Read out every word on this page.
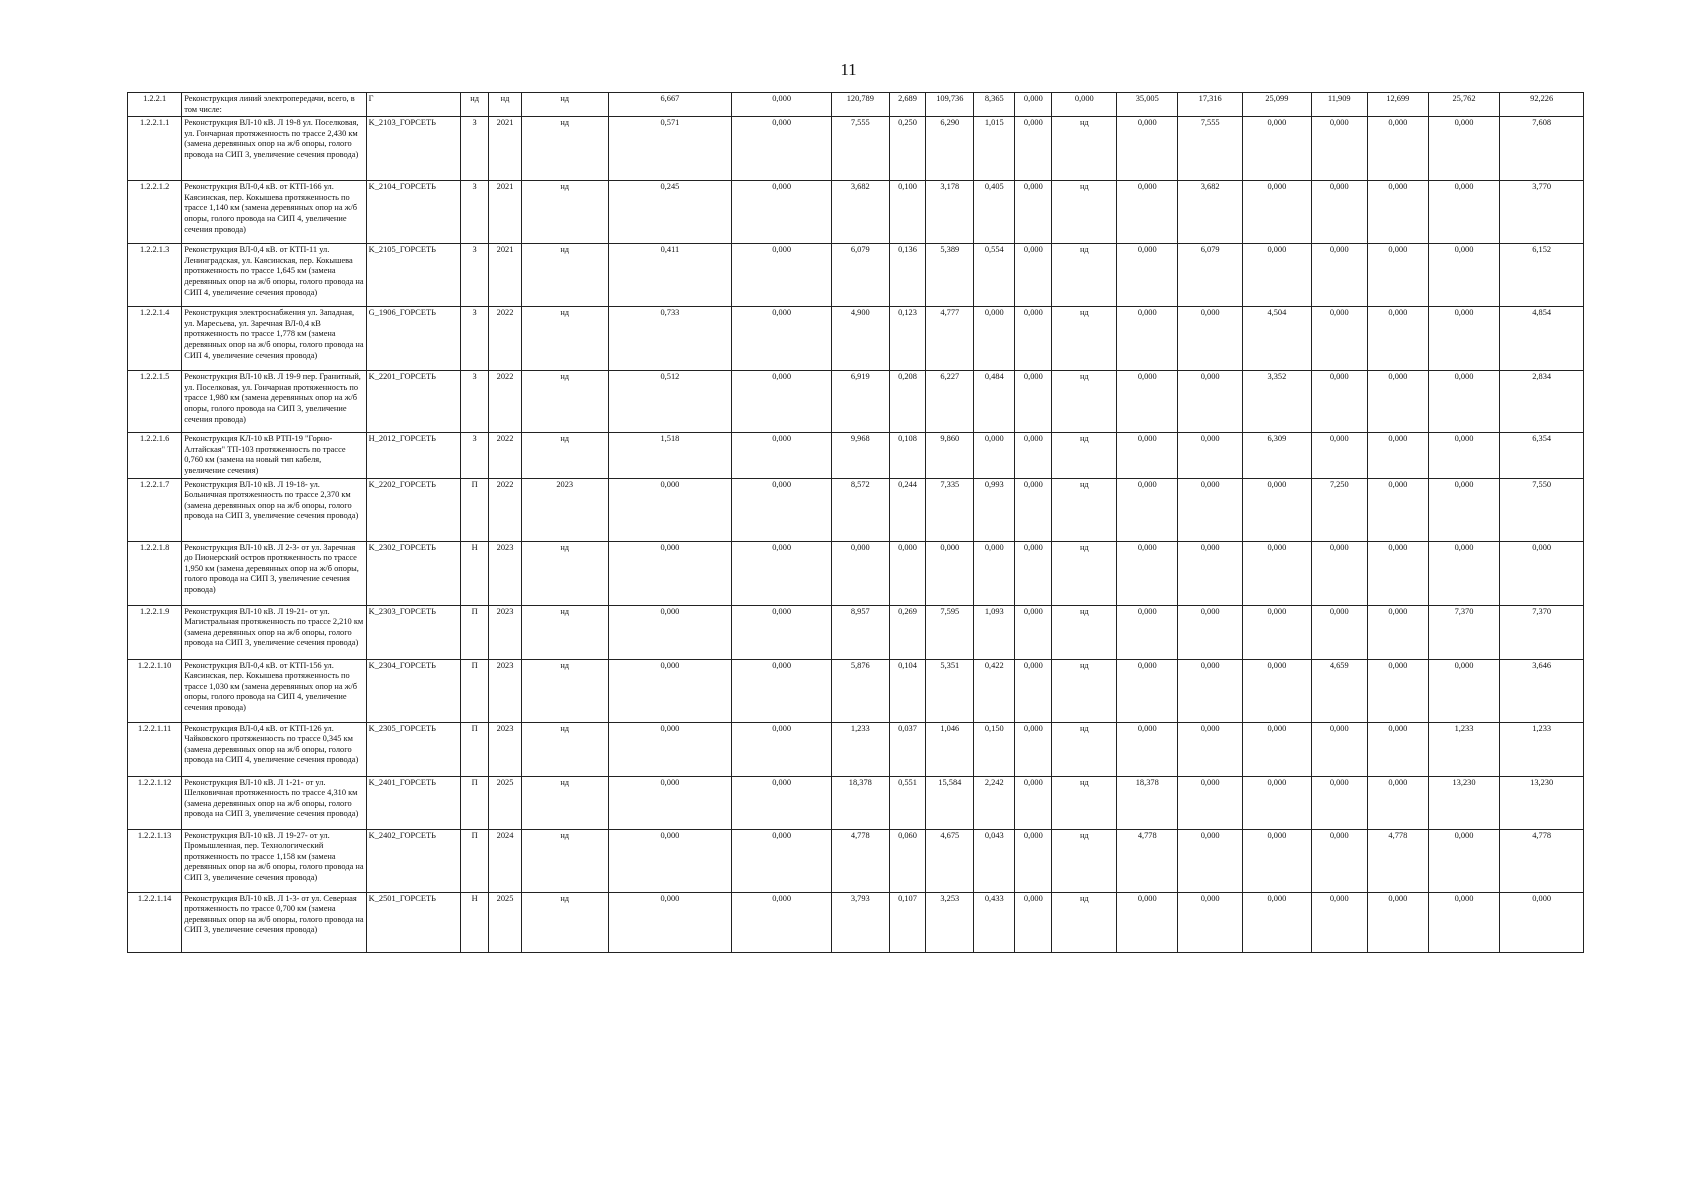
11
1.2.2.1	Реконструкция линий электропередачи, всего, в том числе:	Г	нд	нд	нд	6,667	0,000	120,789	2,689	109,736	8,365	0,000	0,000	35,005	17,316	25,099	11,909	12,699	25,762	92,226
1.2.2.1.1	Реконструкция ВЛ-10 кВ. Л 19-8 ул. Поселковая, ул. Гончарная протяженность по трассе 2,430 км (замена деревянных опор на ж/б опоры, голого провода на СИП 3, увеличение сечения провода)	K_2103_ГОРСЕТЬ	З	2021	нд	0,571	0,000	7,555	0,250	6,290	1,015	0,000	нд	0,000	7,555	0,000	0,000	0,000	0,000	7,608
1.2.2.1.2	Реконструкция ВЛ-0,4 кВ. от КТП-166 ул. Каясинская, пер. Кокышева протяженность по трассе 1,140 км (замена деревянных опор на ж/б опоры, голого провода на СИП 4, увеличение сечения провода)	K_2104_ГОРСЕТЬ	З	2021	нд	0,245	0,000	3,682	0,100	3,178	0,405	0,000	нд	0,000	3,682	0,000	0,000	0,000	0,000	3,770
1.2.2.1.3	Реконструкция ВЛ-0,4 кВ. от КТП-11 ул. Ленинградская, ул. Каясинская, пер. Кокышева протяженность по трассе 1,645 км (замена деревянных опор на ж/б опоры, голого провода на СИП 4, увеличение сечения провода)	K_2105_ГОРСЕТЬ	З	2021	нд	0,411	0,000	6,079	0,136	5,389	0,554	0,000	нд	0,000	6,079	0,000	0,000	0,000	0,000	6,152
1.2.2.1.4	Реконструкция электроснабжения ул. Западная, ул. Маресьева, ул. Заречная ВЛ-0,4 кВ протяженность по трассе 1,778 км (замена деревянных опор на ж/б опоры, голого провода на СИП 4, увеличение сечения провода)	G_1906_ГОРСЕТЬ	З	2022	нд	0,733	0,000	4,900	0,123	4,777	0,000	0,000	нд	0,000	0,000	4,504	0,000	0,000	0,000	4,854
1.2.2.1.5	Реконструкция ВЛ-10 кВ. Л 19-9 пер. Гранитный, ул. Поселковая, ул. Гончарная протяженность по трассе 1,980 км (замена деревянных опор на ж/б опоры, голого провода на СИП 3, увеличение сечения провода)	K_2201_ГОРСЕТЬ	З	2022	нд	0,512	0,000	6,919	0,208	6,227	0,484	0,000	нд	0,000	0,000	3,352	0,000	0,000	0,000	2,834
1.2.2.1.6	Реконструкция КЛ-10 кВ РТП-19 "Горно-Алтайская" ТП-103 протяженность по трассе 0,760 км (замена на новый тип кабеля, увеличение сечения)	H_2012_ГОРСЕТЬ	З	2022	нд	1,518	0,000	9,968	0,108	9,860	0,000	0,000	нд	0,000	0,000	6,309	0,000	0,000	0,000	6,354
1.2.2.1.7	Реконструкция ВЛ-10 кВ. Л 19-18- ул. Больничная протяженность по трассе 2,370 км (замена деревянных опор на ж/б опоры, голого провода на СИП 3, увеличение сечения провода)	K_2202_ГОРСЕТЬ	П	2022	2023	0,000	0,000	8,572	0,244	7,335	0,993	0,000	нд	0,000	0,000	0,000	7,250	0,000	0,000	7,550
1.2.2.1.8	Реконструкция ВЛ-10 кВ. Л 2-3- от ул. Заречная до Пионерский остров протяженность по трассе 1,950 км (замена деревянных опор на ж/б опоры, голого провода на СИП 3, увеличение сечения провода)	K_2302_ГОРСЕТЬ	Н	2023	нд	0,000	0,000	0,000	0,000	0,000	0,000	0,000	нд	0,000	0,000	0,000	0,000	0,000	0,000	0,000
1.2.2.1.9	Реконструкция ВЛ-10 кВ. Л 19-21- от ул. Магистральная протяженность по трассе 2,210 км (замена деревянных опор на ж/б опоры, голого провода на СИП 3, увеличение сечения провода)	K_2303_ГОРСЕТЬ	П	2023	нд	0,000	0,000	8,957	0,269	7,595	1,093	0,000	нд	0,000	0,000	0,000	0,000	0,000	7,370	7,370
1.2.2.1.10	Реконструкция ВЛ-0,4 кВ. от КТП-156 ул. Каясинская, пер. Кокышева протяженность по трассе 1,030 км (замена деревянных опор на ж/б опоры, голого провода на СИП 4, увеличение сечения провода)	K_2304_ГОРСЕТЬ	П	2023	нд	0,000	0,000	5,876	0,104	5,351	0,422	0,000	нд	0,000	0,000	0,000	4,659	0,000	0,000	3,646
1.2.2.1.11	Реконструкция ВЛ-0,4 кВ. от КТП-126 ул. Чайковского протяженность по трассе 0,345 км (замена деревянных опор на ж/б опоры, голого провода на СИП 4, увеличение сечения провода)	K_2305_ГОРСЕТЬ	П	2023	нд	0,000	0,000	1,233	0,037	1,046	0,150	0,000	нд	0,000	0,000	0,000	0,000	0,000	1,233	1,233
1.2.2.1.12	Реконструкция ВЛ-10 кВ. Л 1-21- от ул. Шелковичная протяженность по трассе 4,310 км (замена деревянных опор на ж/б опоры, голого провода на СИП 3, увеличение сечения провода)	K_2401_ГОРСЕТЬ	П	2025	нд	0,000	0,000	18,378	0,551	15,584	2,242	0,000	нд	18,378	0,000	0,000	0,000	0,000	13,230	13,230
1.2.2.1.13	Реконструкция ВЛ-10 кВ. Л 19-27- от ул. Промышленная, пер. Технологический протяженность по трассе 1,158 км (замена деревянных опор на ж/б опоры, голого провода на СИП 3, увеличение сечения провода)	K_2402_ГОРСЕТЬ	П	2024	нд	0,000	0,000	4,778	0,060	4,675	0,043	0,000	нд	4,778	0,000	0,000	0,000	4,778	0,000	4,778
1.2.2.1.14	Реконструкция ВЛ-10 кВ. Л 1-3- от ул. Северная протяженность по трассе 0,700 км (замена деревянных опор на ж/б опоры, голого провода на СИП 3, увеличение сечения провода)	K_2501_ГОРСЕТЬ	Н	2025	нд	0,000	0,000	3,793	0,107	3,253	0,433	0,000	нд	0,000	0,000	0,000	0,000	0,000	0,000	0,000
